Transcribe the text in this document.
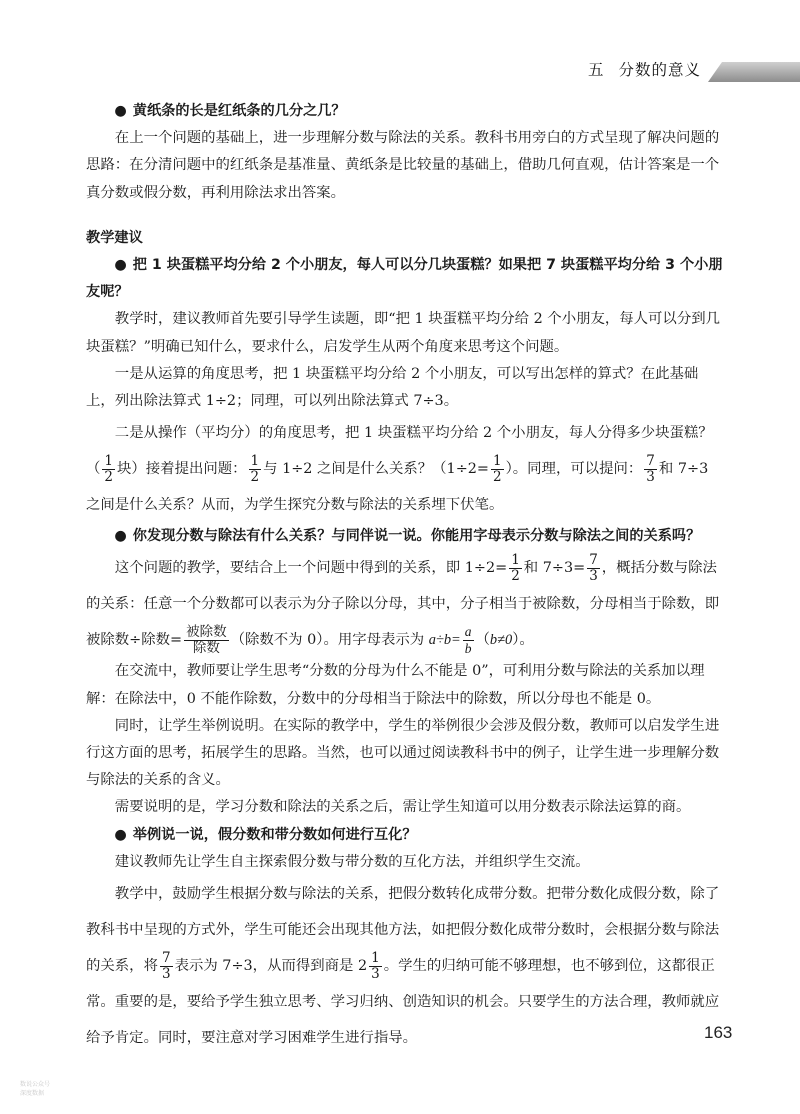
五 分数的意义

● 黄纸条的长是红纸条的几分之几？

在上一个问题的基础上，进一步理解分数与除法的关系。教科书用旁白的方式呈现了解决问题的思路：在分清问题中的红纸条是基准量、黄纸条是比较量的基础上，借助几何直观，估计答案是一个真分数或假分数，再利用除法求出答案。

教学建议

● 把 1 块蛋糕平均分给 2 个小朋友，每人可以分几块蛋糕？如果把 7 块蛋糕平均分给 3 个小朋友呢？

教学时，建议教师首先要引导学生读题，即“把 1 块蛋糕平均分给 2 个小朋友，每人可以分到几块蛋糕？”明确已知什么，要求什么，启发学生从两个角度来思考这个问题。

一是从运算的角度思考，把 1 块蛋糕平均分给 2 个小朋友，可以写出怎样的算式？在此基础上，列出除法算式 1÷2；同理，可以列出除法算式 7÷3。

二是从操作（平均分）的角度思考，把 1 块蛋糕平均分给 2 个小朋友，每人分得多少块蛋糕？（ $\frac{1}{2}$ 块）接着提出问题： $\frac{1}{2}$ 与 1÷2 之间是什么关系？（$1\div 2= \frac{1}{2}$ ）。同理，可以提问： $\frac{7}{3}$ 和 7÷3 之间是什么关系？从而，为学生探究分数与除法的关系埋下伏笔。

● 你发现分数与除法有什么关系？与同伴说一说。你能用字母表示分数与除法之间的关系吗？

这个问题的教学，要结合上一个问题中得到的关系，即 $1\div 2= \frac{1}{2}$ 和 $7\div 3= \frac{7}{3}$ ，概括分数与除法的关系：任意一个分数都可以表示为分子除以分母，其中，分子相当于被除数，分母相当于除数，即被除数÷除数= $\frac{\text{被除数}}{\text{除数}}$ （除数不为 0）。用字母表示为 $a\div b= \frac{a}{b} (b\ne 0)$。

在交流中，教师要让学生思考“分数的分母为什么不能是 0”，可利用分数与除法的关系加以理解：在除法中，0 不能作除数，分数中的分母相当于除法中的除数，所以分母也不能是 0。

同时，让学生举例说明。在实际的教学中，学生的举例很少会涉及假分数，教师可以启发学生进行这方面的思考，拓展学生的思路。当然，也可以通过阅读教科书中的例子，让学生进一步理解分数与除法的关系的含义。

需要说明的是，学习分数和除法的关系之后，需让学生知道可以用分数表示除法运算的商。

● 举例说一说，假分数和带分数如何进行互化？

建议教师先让学生自主探索假分数与带分数的互化方法，并组织学生交流。

教学中，鼓励学生根据分数与除法的关系，把假分数转化成带分数。把带分数化成假分数，除了教科书中呈现的方式外，学生可能还会出现其他方法，如把假分数化成带分数时，会根据分数与除法的关系，将 $\frac{7}{3}$ 表示为 7÷3，从而得到商是 $2 \frac{1}{3}$ 。学生的归纳可能不够理想，也不够到位，这都很正常。重要的是，要给予学生独立思考、学习归纳、创造知识的机会。只要学生的方法合理，教师就应给予肯定。同时，要注意对学习困难学生进行指导。	163
数说公众号
深度数据
